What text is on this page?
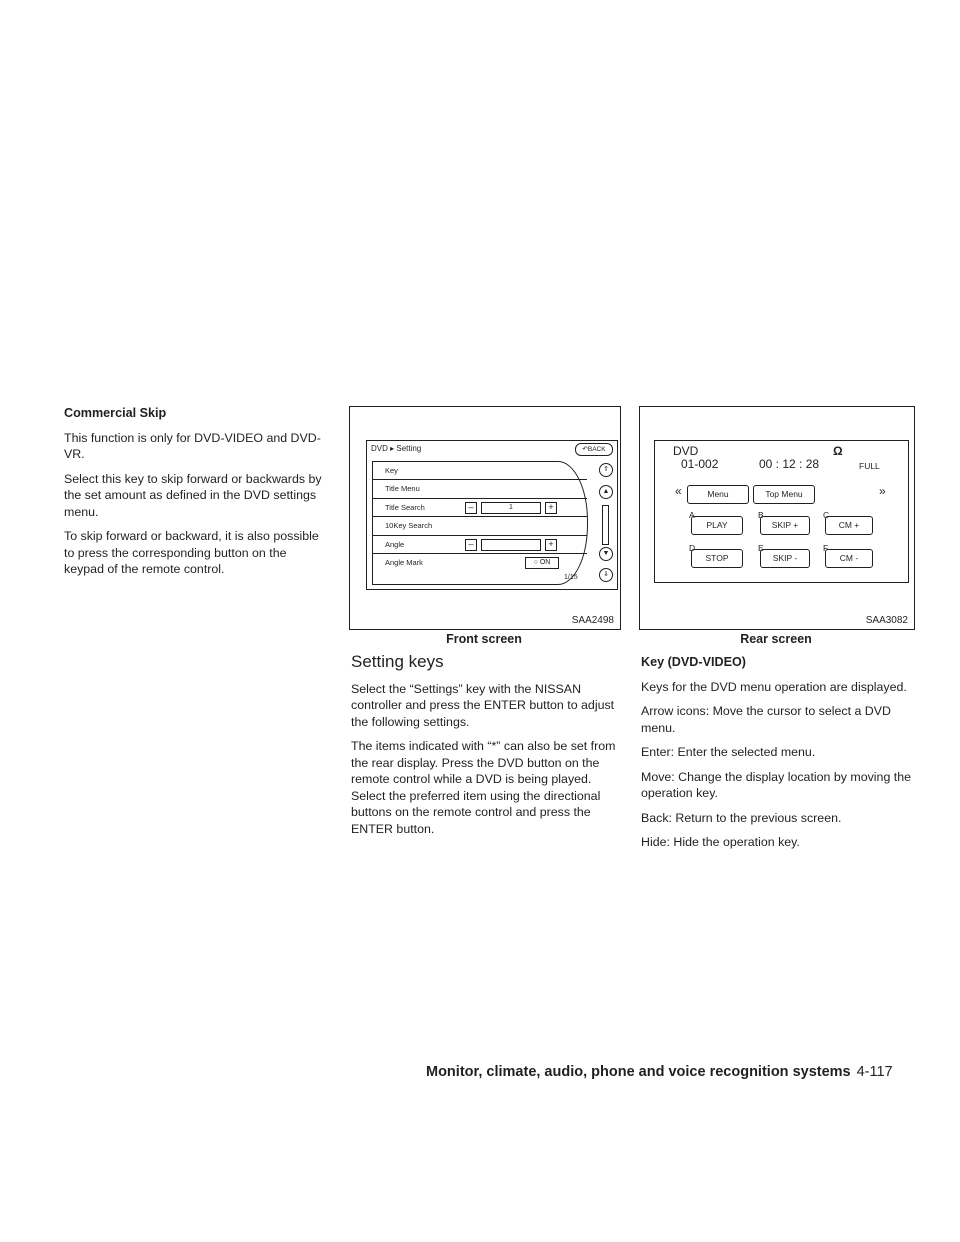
Commercial Skip

This function is only for DVD-VIDEO and DVD-VR.

Select this key to skip forward or backwards by the set amount as defined in the DVD settings menu.

To skip forward or backward, it is also possible to press the corresponding button on the keypad of the remote control.

DVD ▸ Setting	↶BACK
Key
Title Menu
Title Search	–	1	+
10Key Search
Angle	–	+
Angle Mark	○ ON
⇑
▲
▼
⇓
1/15
SAA2498
Front screen
DVD
01-002	00 : 12 : 28
Ω
FULL
«	Menu	Top Menu	»
A
PLAY
B
SKIP +
C
CM +
D
STOP
E
SKIP -
F
CM -
SAA3082
Rear screen
Setting keys

Select the “Settings” key with the NISSAN controller and press the ENTER button to adjust the following settings.

The items indicated with “*” can also be set from the rear display. Press the DVD button on the remote control while a DVD is being played. Select the preferred item using the directional buttons on the remote control and press the ENTER button.

Key (DVD-VIDEO)

Keys for the DVD menu operation are displayed.

Arrow icons: Move the cursor to select a DVD menu.

Enter: Enter the selected menu.

Move: Change the display location by moving the operation key.

Back: Return to the previous screen.

Hide: Hide the operation key.

Monitor, climate, audio, phone and voice recognition systems 4-117
